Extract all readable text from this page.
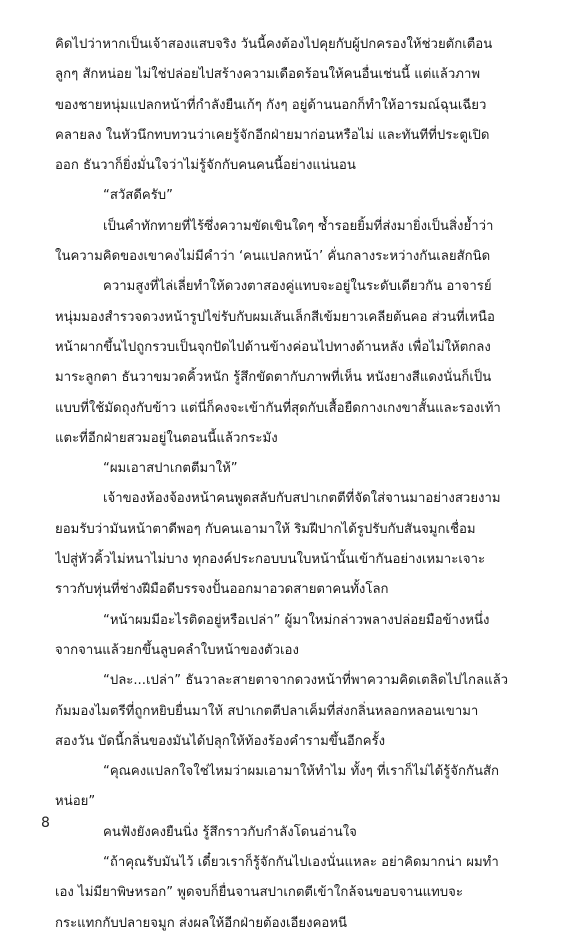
คิดไปว่าหากเป็นเจ้าสองแสบจริง วันนี้คงต้องไปคุยกับผู้ปกครองให้ช่วยตักเตือน
ลูกๆ สักหน่อย ไม่ใช่ปล่อยไปสร้างความเดือดร้อนให้คนอื่นเช่นนี้ แต่แล้วภาพ
ของชายหนุ่มแปลกหน้าที่กำลังยืนเก้ๆ กังๆ อยู่ด้านนอกก็ทำให้อารมณ์ฉุนเฉียว
คลายลง ในหัวนึกทบทวนว่าเคยรู้จักอีกฝ่ายมาก่อนหรือไม่ และทันทีที่ประตูเปิด
ออก ธันวาก็ยิ่งมั่นใจว่าไม่รู้จักกับคนคนนี้อย่างแน่นอน
“สวัสดีครับ”
เป็นคำทักทายที่ไร้ซึ่งความขัดเขินใดๆ ซ้ำรอยยิ้มที่ส่งมายิ่งเป็นสิ่งย้ำว่า
ในความคิดของเขาคงไม่มีคำว่า ‘คนแปลกหน้า’ คั่นกลางระหว่างกันเลยสักนิด
ความสูงที่ไล่เลี่ยทำให้ดวงตาสองคู่แทบจะอยู่ในระดับเดียวกัน อาจารย์
หนุ่มมองสำรวจดวงหน้ารูปไข่รับกับผมเส้นเล็กสีเข้มยาวเคลียต้นคอ ส่วนที่เหนือ
หน้าผากขึ้นไปถูกรวบเป็นจุกปัดไปด้านข้างค่อนไปทางด้านหลัง เพื่อไม่ให้ตกลง
มาระลูกตา ธันวาขมวดคิ้วหนัก รู้สึกขัดตากับภาพที่เห็น หนังยางสีแดงนั่นก็เป็น
แบบที่ใช้มัดถุงกับข้าว แต่นี่ก็คงจะเข้ากันที่สุดกับเสื้อยืดกางเกงขาสั้นและรองเท้า
แตะที่อีกฝ่ายสวมอยู่ในตอนนี้แล้วกระมัง
“ผมเอาสปาเกตตีมาให้”
เจ้าของห้องจ้องหน้าคนพูดสลับกับสปาเกตตีที่จัดใส่จานมาอย่างสวยงาม
ยอมรับว่ามันหน้าตาดีพอๆ กับคนเอามาให้ ริมฝีปากได้รูปรับกับสันจมูกเชื่อม
ไปสู่หัวคิ้วไม่หนาไม่บาง ทุกองค์ประกอบบนใบหน้านั้นเข้ากันอย่างเหมาะเจาะ
ราวกับหุ่นที่ช่างฝีมือดีบรรจงปั้นออกมาอวดสายตาคนทั้งโลก
“หน้าผมมีอะไรติดอยู่หรือเปล่า” ผู้มาใหม่กล่าวพลางปล่อยมือข้างหนึ่ง
จากจานแล้วยกขึ้นลูบคลำใบหน้าของตัวเอง
“ปละ...เปล่า” ธันวาละสายตาจากดวงหน้าที่พาความคิดเตลิดไปไกลแล้ว
ก้มมองไมตรีที่ถูกหยิบยื่นมาให้ สปาเกตตีปลาเค็มที่ส่งกลิ่นหลอกหลอนเขามา
สองวัน บัดนี้กลิ่นของมันได้ปลุกให้ท้องร้องคำรามขึ้นอีกครั้ง
“คุณคงแปลกใจใช่ไหมว่าผมเอามาให้ทำไม ทั้งๆ ที่เราก็ไม่ได้รู้จักกันสัก
หน่อย”
คนฟังยังคงยืนนิ่ง รู้สึกราวกับกำลังโดนอ่านใจ
“ถ้าคุณรับมันไว้ เดี๋ยวเราก็รู้จักกันไปเองนั่นแหละ อย่าคิดมากน่า ผมทำ
เอง ไม่มียาพิษหรอก” พูดจบก็ยื่นจานสปาเกตตีเข้าใกล้จนขอบจานแทบจะ
กระแทกกับปลายจมูก ส่งผลให้อีกฝ่ายต้องเอียงคอหนี
8
